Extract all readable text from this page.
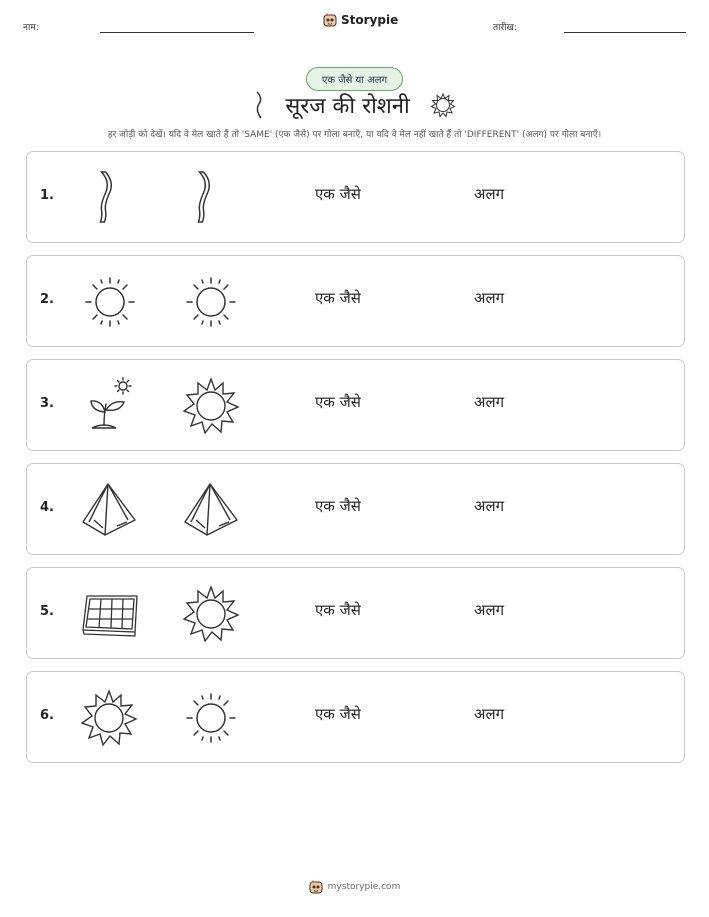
नाम:
Storypie
तारीख:
एक जैसे या अलग
सूरज की रोशनी
हर जोड़ी को देखें। यदि वे मेल खाते हैं तो 'SAME' (एक जैसे) पर गोला बनाएँ, या यदि वे मेल नहीं खाते हैं तो 'DIFFERENT' (अलग) पर गोला बनाएँ।
1.	एक जैसे	अलग
2.	एक जैसे	अलग
3.	एक जैसे	अलग
4.	एक जैसे	अलग
5.	एक जैसे	अलग
6.	एक जैसे	अलग
mystorypie.com
